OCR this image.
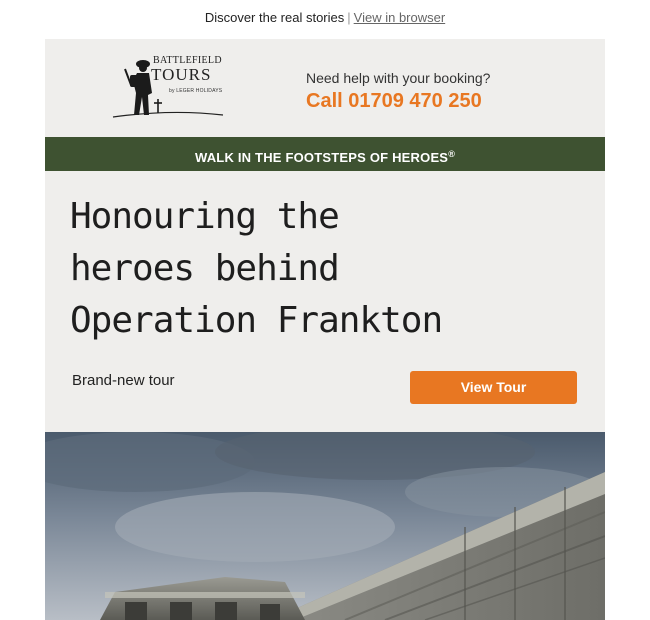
Discover the real stories | View in browser
BATTLEFIELD
TOURS
by LEGER HOLIDAYS
Need help with your booking?
Call 01709 470 250
WALK IN THE FOOTSTEPS OF HEROES®
Honouring the
heroes behind
Operation Frankton
Brand-new tour	View Tour
